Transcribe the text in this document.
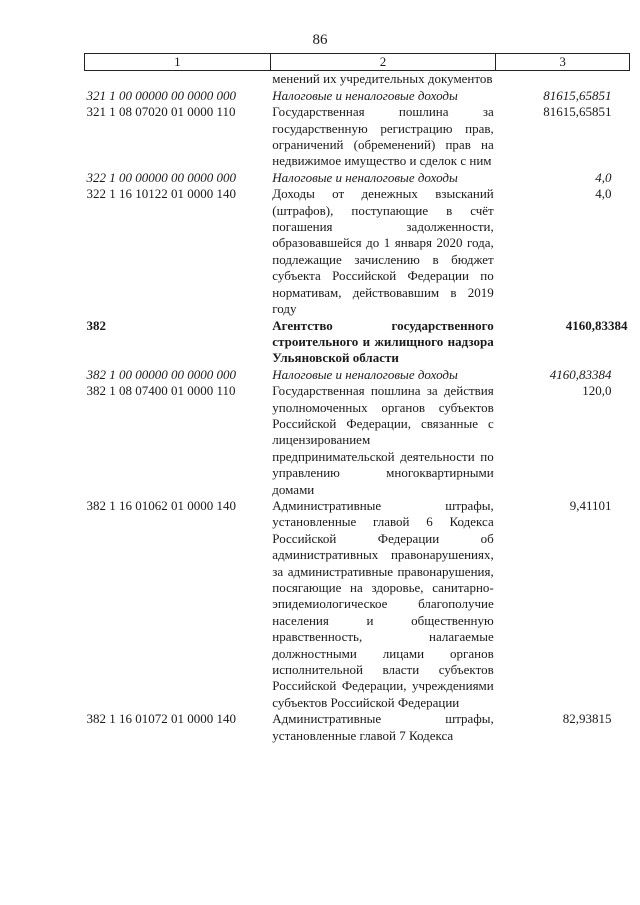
86
1	2	3
	менений их учредительных документов	
321 1 00 00000 00 0000 000	Налоговые и неналоговые доходы	81615,65851
321 1 08 07020 01 0000 110	Государственная пошлина за государственную регистрацию прав, ограничений (обременений) прав на недвижимое имущество и сделок с ним	81615,65851
322 1 00 00000 00 0000 000	Налоговые и неналоговые доходы	4,0
322 1 16 10122 01 0000 140	Доходы от денежных взысканий (штрафов), поступающие в счёт погашения задолженности, образовавшейся до 1 января 2020 года, подлежащие зачислению в бюджет субъекта Российской Федерации по нормативам, действовавшим в 2019 году	4,0
382	Агентство государственного строительного и жилищного надзора Ульяновской области	4160,83384
382 1 00 00000 00 0000 000	Налоговые и неналоговые доходы	4160,83384
382 1 08 07400 01 0000 110	Государственная пошлина за действия уполномоченных органов субъектов Российской Федерации, связанные с лицензированием предпринимательской деятельности по управлению многоквартирными домами	120,0
382 1 16 01062 01 0000 140	Административные штрафы, установленные главой 6 Кодекса Российской Федерации об административных правонарушениях, за административные правонарушения, посягающие на здоровье, санитарно-эпидемиологическое благополучие населения и общественную нравственность, налагаемые должностными лицами органов исполнительной власти субъектов Российской Федерации, учреждениями субъектов Российской Федерации	9,41101
382 1 16 01072 01 0000 140	Административные штрафы, установленные главой 7 Кодекса	82,93815
